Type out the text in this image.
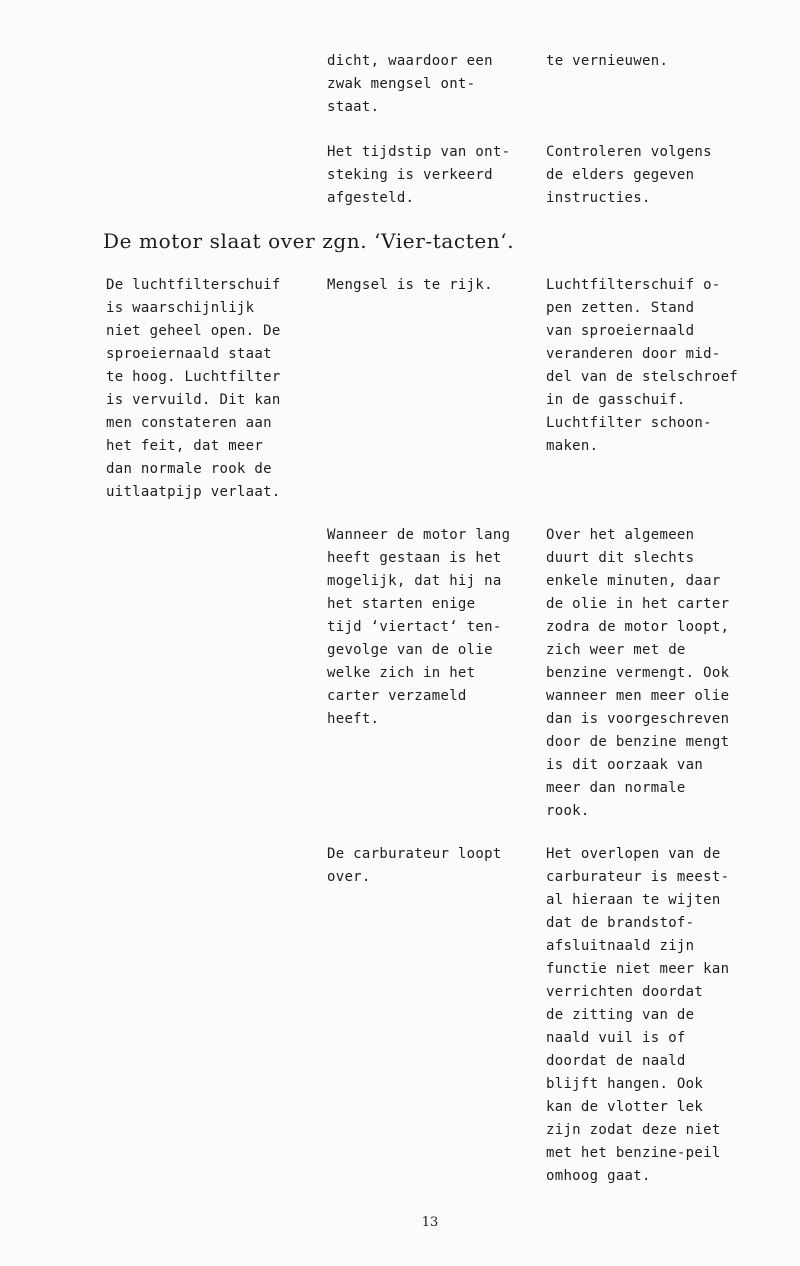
dicht, waardoor een
zwak mengsel ont-
staat.
te vernieuwen.
Het tijdstip van ont-
steking is verkeerd
afgesteld.
Controleren volgens
de elders gegeven
instructies.
De motor slaat over zgn. ‘Vier-tacten‘.
De luchtfilterschuif
is waarschijnlijk
niet geheel open. De
sproeiernaald staat
te hoog. Luchtfilter
is vervuild. Dit kan
men constateren aan
het feit, dat meer
dan normale rook de
uitlaatpijp verlaat.
Mengsel is te rijk.	Luchtfilterschuif o-
pen zetten. Stand
van sproeiernaald
veranderen door mid-
del van de stelschroef
in de gasschuif.
Luchtfilter schoon-
maken.
Wanneer de motor lang
heeft gestaan is het
mogelijk, dat hij na
het starten enige
tijd ‘viertact‘ ten-
gevolge van de olie
welke zich in het
carter verzameld
heeft.
Over het algemeen
duurt dit slechts
enkele minuten, daar
de olie in het carter
zodra de motor loopt,
zich weer met de
benzine vermengt. Ook
wanneer men meer olie
dan is voorgeschreven
door de benzine mengt
is dit oorzaak van
meer dan normale
rook.
De carburateur loopt
over.
Het overlopen van de
carburateur is meest-
al hieraan te wijten
dat de brandstof-
afsluitnaald zijn
functie niet meer kan
verrichten doordat
de zitting van de
naald vuil is of
doordat de naald
blijft hangen. Ook
kan de vlotter lek
zijn zodat deze niet
met het benzine-peil
omhoog gaat.
13
